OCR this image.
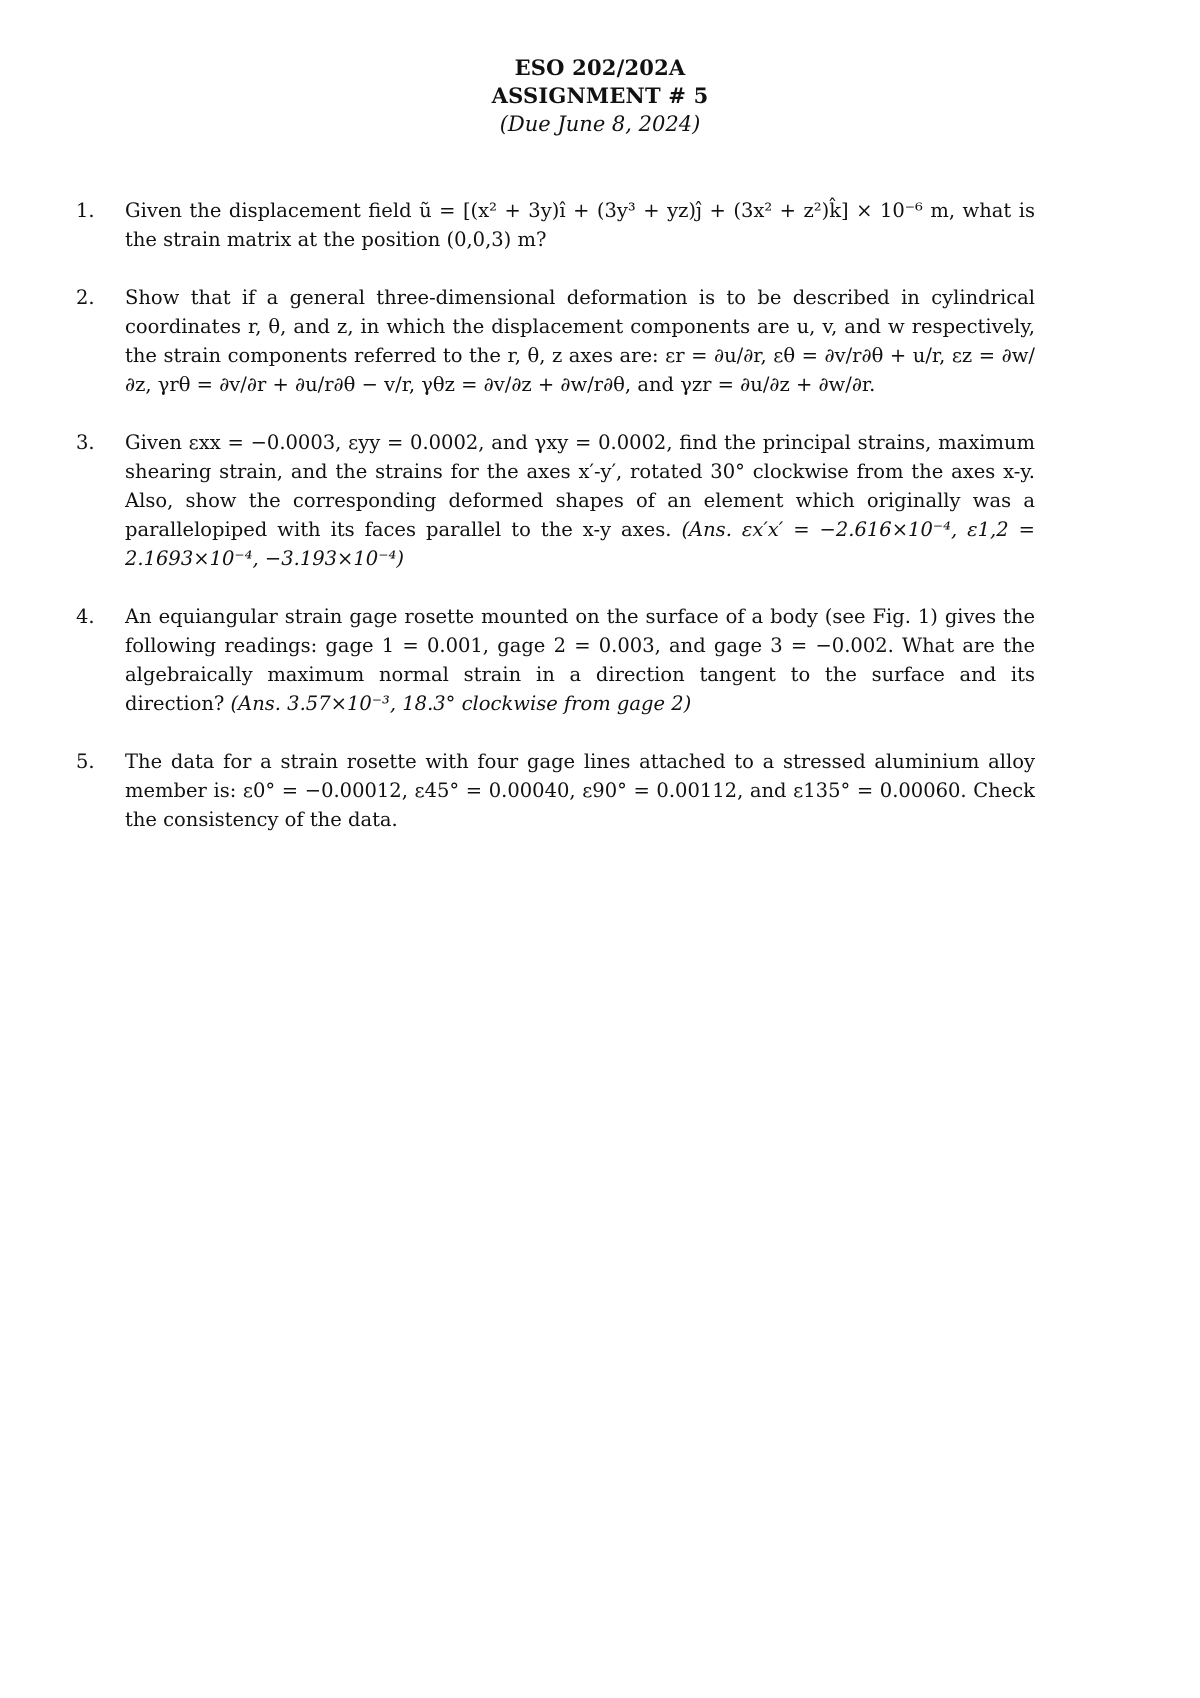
ESO 202/202A
ASSIGNMENT # 5
(Due June 8, 2024)
1. Given the displacement field ũ = [(x² + 3y)î + (3y³ + yz)ĵ + (3x² + z²)k̂] × 10⁻⁶ m, what is the strain matrix at the position (0,0,3) m?
2. Show that if a general three-dimensional deformation is to be described in cylindrical coordinates r, θ, and z, in which the displacement components are u, v, and w respectively, the strain components referred to the r, θ, z axes are: εr = ∂u/∂r, εθ = ∂v/r∂θ + u/r, εz = ∂w/∂z, γrθ = ∂v/∂r + ∂u/r∂θ − v/r, γθz = ∂v/∂z + ∂w/r∂θ, and γzr = ∂u/∂z + ∂w/∂r.
3. Given εxx = −0.0003, εyy = 0.0002, and γxy = 0.0002, find the principal strains, maximum shearing strain, and the strains for the axes x′-y′, rotated 30° clockwise from the axes x-y. Also, show the corresponding deformed shapes of an element which originally was a parallelopiped with its faces parallel to the x-y axes. (Ans. εx′x′ = −2.616×10⁻⁴, ε1,2 = 2.1693×10⁻⁴, −3.193×10⁻⁴)
4. An equiangular strain gage rosette mounted on the surface of a body (see Fig. 1) gives the following readings: gage 1 = 0.001, gage 2 = 0.003, and gage 3 = −0.002. What are the algebraically maximum normal strain in a direction tangent to the surface and its direction? (Ans. 3.57×10⁻³, 18.3° clockwise from gage 2)
5. The data for a strain rosette with four gage lines attached to a stressed aluminium alloy member is: ε0° = −0.00012, ε45° = 0.00040, ε90° = 0.00112, and ε135° = 0.00060. Check the consistency of the data.
